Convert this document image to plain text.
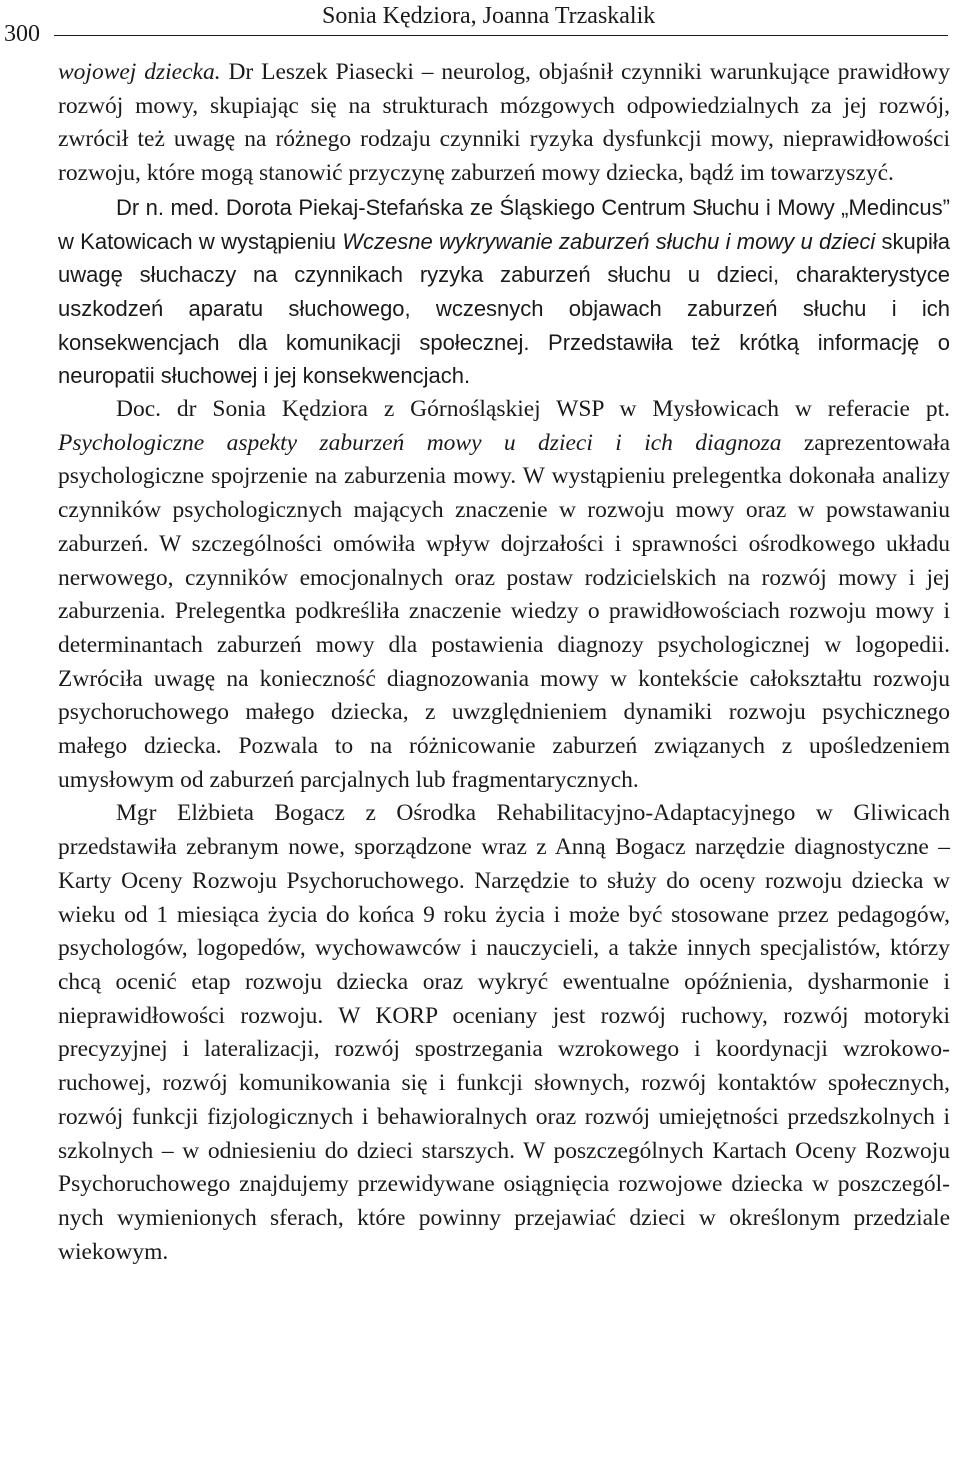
300
Sonia Kędziora, Joanna Trzaskalik

wojowej dziecka. Dr Leszek Piasecki – neurolog, objaśnił czynniki warunkujące prawidłowy rozwój mowy, skupiając się na strukturach mózgowych odpowiedzialnych za jej rozwój, zwrócił też uwagę na różnego rodzaju czynniki ryzyka dysfunkcji mowy, nieprawidłowości rozwoju, które mogą stanowić przyczynę zaburzeń mowy dziecka, bądź im towarzyszyć.

Dr n. med. Dorota Piekaj-Stefańska ze Śląskiego Centrum Słuchu i Mowy „Medincus” w Katowicach w wystąpieniu Wczesne wykrywanie zaburzeń słuchu i mowy u dzieci skupiła uwagę słuchaczy na czynnikach ryzyka zaburzeń słuchu u dzieci, charakterystyce uszkodzeń aparatu słuchowego, wczesnych objawach zaburzeń słuchu i ich konsekwencjach dla komunikacji społecznej. Przedstawiła też krótką informację o neuropatii słuchowej i jej konsekwencjach.

Doc. dr Sonia Kędziora z Górnośląskiej WSP w Mysłowicach w referacie pt. Psychologiczne aspekty zaburzeń mowy u dzieci i ich diagnoza zaprezentowała psychologiczne spojrzenie na zaburzenia mowy. W wystąpieniu prelegentka dokonała analizy czynników psychologicznych mających znaczenie w rozwoju mowy oraz w powstawaniu zaburzeń. W szczególności omówiła wpływ dojrzałości i sprawności ośrodkowego układu nerwowego, czynników emocjonalnych oraz postaw rodzicielskich na rozwój mowy i jej zaburzenia. Prelegentka podkreśliła znaczenie wiedzy o prawidłowościach rozwoju mowy i determinantach zaburzeń mowy dla postawienia diagnozy psychologicznej w logopedii. Zwróciła uwagę na konieczność diagnozowania mowy w kontekście całokształtu rozwoju psychoruchowego małego dziecka, z uwzględnieniem dynamiki rozwoju psychicznego małego dziecka. Pozwala to na różnicowanie zaburzeń związanych z upośledzeniem umysłowym od zaburzeń parcjalnych lub fragmentarycznych.

Mgr Elżbieta Bogacz z Ośrodka Rehabilitacyjno-Adaptacyjnego w Gliwicach przedstawiła zebranym nowe, sporządzone wraz z Anną Bogacz narzędzie diagnostyczne – Karty Oceny Rozwoju Psychoruchowego. Narzędzie to służy do oceny rozwoju dziecka w wieku od 1 miesiąca życia do końca 9 roku życia i może być stosowane przez pedagogów, psychologów, logopedów, wychowawców i nauczycieli, a także innych specjalistów, którzy chcą ocenić etap rozwoju dziecka oraz wykryć ewentualne opóźnienia, dysharmonie i nieprawidłowości rozwoju. W KORP oceniany jest rozwój ruchowy, rozwój motoryki precyzyjnej i lateralizacji, rozwój spostrzegania wzrokowego i koordynacji wzrokowo-ruchowej, rozwój komunikowania się i funkcji słownych, rozwój kontaktów społecznych, rozwój funkcji fizjologicznych i behawioralnych oraz rozwój umiejętności przedszkolnych i szkolnych – w odniesieniu do dzieci starszych. W poszczególnych Kartach Oceny Rozwoju Psychoruchowego znajdujemy przewidywane osiągnięcia rozwojowe dziecka w poszczególnych wymienionych sferach, które powinny przejawiać dzieci w określonym przedziale wiekowym.
